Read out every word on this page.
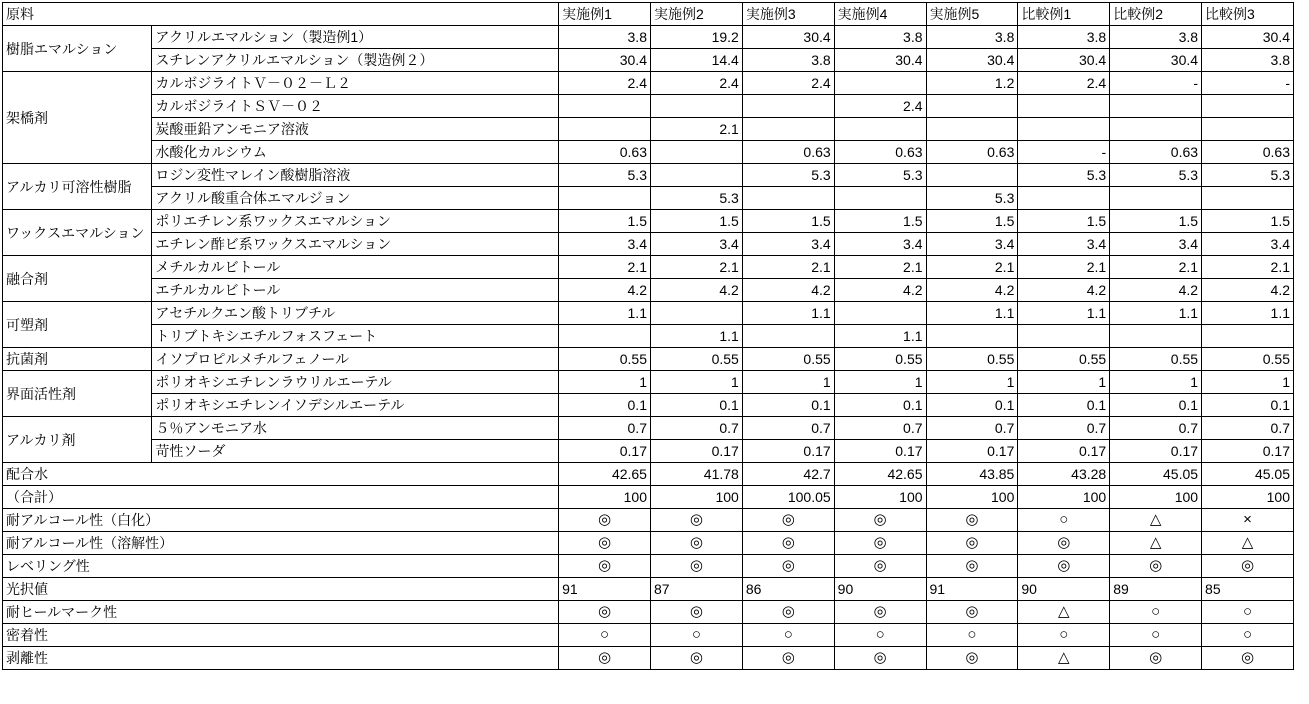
原料		実施例1	実施例2	実施例3	実施例4	実施例5	比較例1	比較例2	比較例3
樹脂エマルション	アクリルエマルション（製造例1）	3.8	19.2	30.4	3.8	3.8	3.8	3.8	30.4
	スチレンアクリルエマルション（製造例２）	30.4	14.4	3.8	30.4	30.4	30.4	30.4	3.8
架橋剤	カルボジライトＶ－０２－Ｌ２	2.4	2.4	2.4		1.2	2.4	-	-
	カルボジライトＳＶ－０２				2.4				
	炭酸亜鉛アンモニア溶液		2.1						
	水酸化カルシウム	0.63		0.63	0.63	0.63	-	0.63	0.63
アルカリ可溶性樹脂	ロジン変性マレイン酸樹脂溶液	5.3		5.3	5.3		5.3	5.3	5.3
	アクリル酸重合体エマルジョン		5.3			5.3			
ワックスエマルション	ポリエチレン系ワックスエマルション	1.5	1.5	1.5	1.5	1.5	1.5	1.5	1.5
	エチレン酢ビ系ワックスエマルション	3.4	3.4	3.4	3.4	3.4	3.4	3.4	3.4
融合剤	メチルカルビトール	2.1	2.1	2.1	2.1	2.1	2.1	2.1	2.1
	エチルカルビトール	4.2	4.2	4.2	4.2	4.2	4.2	4.2	4.2
可塑剤	アセチルクエン酸トリブチル	1.1		1.1		1.1	1.1	1.1	1.1
	トリブトキシエチルフォスフェート		1.1		1.1				
抗菌剤	イソプロピルメチルフェノール	0.55	0.55	0.55	0.55	0.55	0.55	0.55	0.55
界面活性剤	ポリオキシエチレンラウリルエーテル	1	1	1	1	1	1	1	1
	ポリオキシエチレンイソデシルエーテル	0.1	0.1	0.1	0.1	0.1	0.1	0.1	0.1
アルカリ剤	５％アンモニア水	0.7	0.7	0.7	0.7	0.7	0.7	0.7	0.7
	苛性ソーダ	0.17	0.17	0.17	0.17	0.17	0.17	0.17	0.17
配合水		42.65	41.78	42.7	42.65	43.85	43.28	45.05	45.05
（合計）		100	100	100.05	100	100	100	100	100
耐アルコール性（白化）		◎	◎	◎	◎	◎	○	△	×
耐アルコール性（溶解性）		◎	◎	◎	◎	◎	◎	△	△
レベリング性		◎	◎	◎	◎	◎	◎	◎	◎
光択値		91	87	86	90	91	90	89	85
耐ヒールマーク性		◎	◎	◎	◎	◎	△	○	○
密着性		○	○	○	○	○	○	○	○
剥離性		◎	◎	◎	◎	◎	△	◎	◎
